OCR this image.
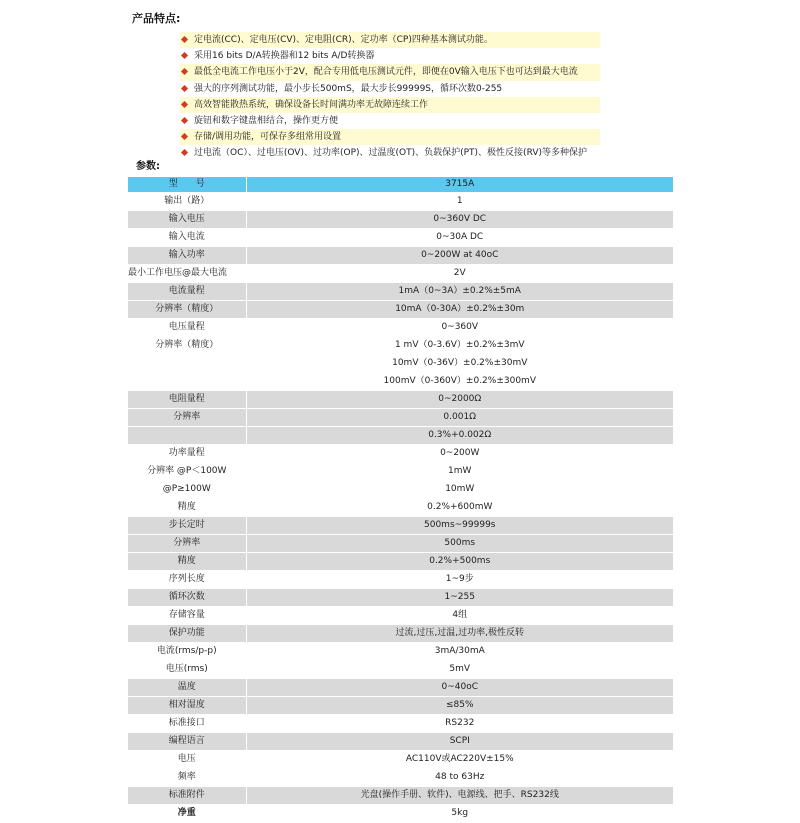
产品特点:
定电流(CC)、定电压(CV)、定电阻(CR)、定功率（CP)四种基本测试功能。
采用16 bits D/A转换器和12 bits A/D转换器
最低全电流工作电压小于2V，配合专用低电压测试元件，即便在0V输入电压下也可达到最大电流
强大的序列测试功能，最小步长500mS，最大步长99999S，循环次数0-255
高效智能散热系统，确保设备长时间满功率无故障连续工作
旋钮和数字键盘相结合，操作更方便
存储/调用功能，可保存多组常用设置
过电流（OC）、过电压(OV)、过功率(OP)、过温度(OT)、负载保护(PT)、极性反接(RV)等多种保护
参数:
型　　号	3715A
输出（路）	1
输入电压	0~360V DC
输入电流	0~30A DC
输入功率	0~200W at 40oC
最小工作电压@最大电流	2V
电流量程	1mA（0~3A）±0.2%±5mA
分辨率（精度）	10mA（0-30A）±0.2%±30m
电压量程	0~360V
分辨率（精度）	1 mV（0-3.6V）±0.2%±3mV
	10mV（0-36V）±0.2%±30mV
	100mV（0-360V）±0.2%±300mV
电阻量程	0~2000Ω
分辨率	0.001Ω
	0.3%+0.002Ω
功率量程	0~200W
分辨率 @P＜100W	1mW
@P≥100W	10mW
精度	0.2%+600mW
步长定时	500ms~99999s
分辨率	500ms
精度	0.2%+500ms
序列长度	1~9步
循环次数	1~255
存储容量	4组
保护功能	过流,过压,过温,过功率,极性反转
电流(rms/p-p)	3mA/30mA
电压(rms)	5mV
温度	0~40oC
相对湿度	≤85%
标准接口	RS232
编程语言	SCPI
电压	AC110V或AC220V±15%
频率	48 to 63Hz
标准附件	光盘(操作手册、软件)、电源线、把手、RS232线
净重	5kg
